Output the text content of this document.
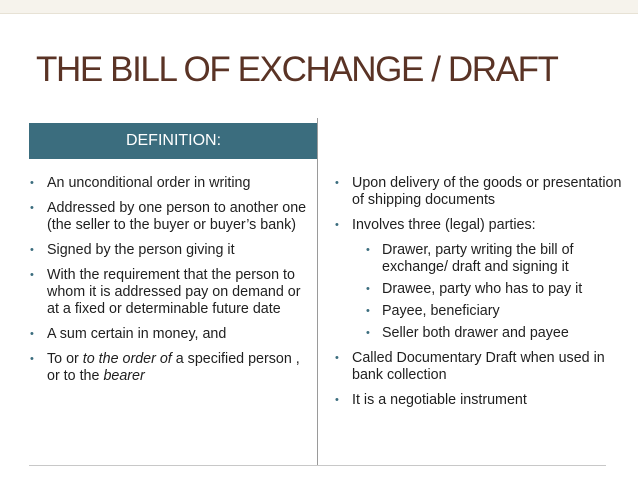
THE BILL OF EXCHANGE / DRAFT
DEFINITION:
• An unconditional order in writing
• Addressed by one person to another one (the seller to the buyer or buyer’s bank)
• Signed by the person giving it
• With the requirement that the person to whom it is addressed pay on demand or at a fixed or determinable future date
• A sum certain in money, and
• To or to the order of a specified person , or to the bearer
• Upon delivery of the goods or presentation of shipping documents
• Involves three (legal) parties:
• Drawer, party writing the bill of exchange/ draft and signing it
• Drawee, party who has to pay it
• Payee, beneficiary
• Seller both drawer and payee
• Called Documentary Draft when used in bank collection
• It is a negotiable instrument
